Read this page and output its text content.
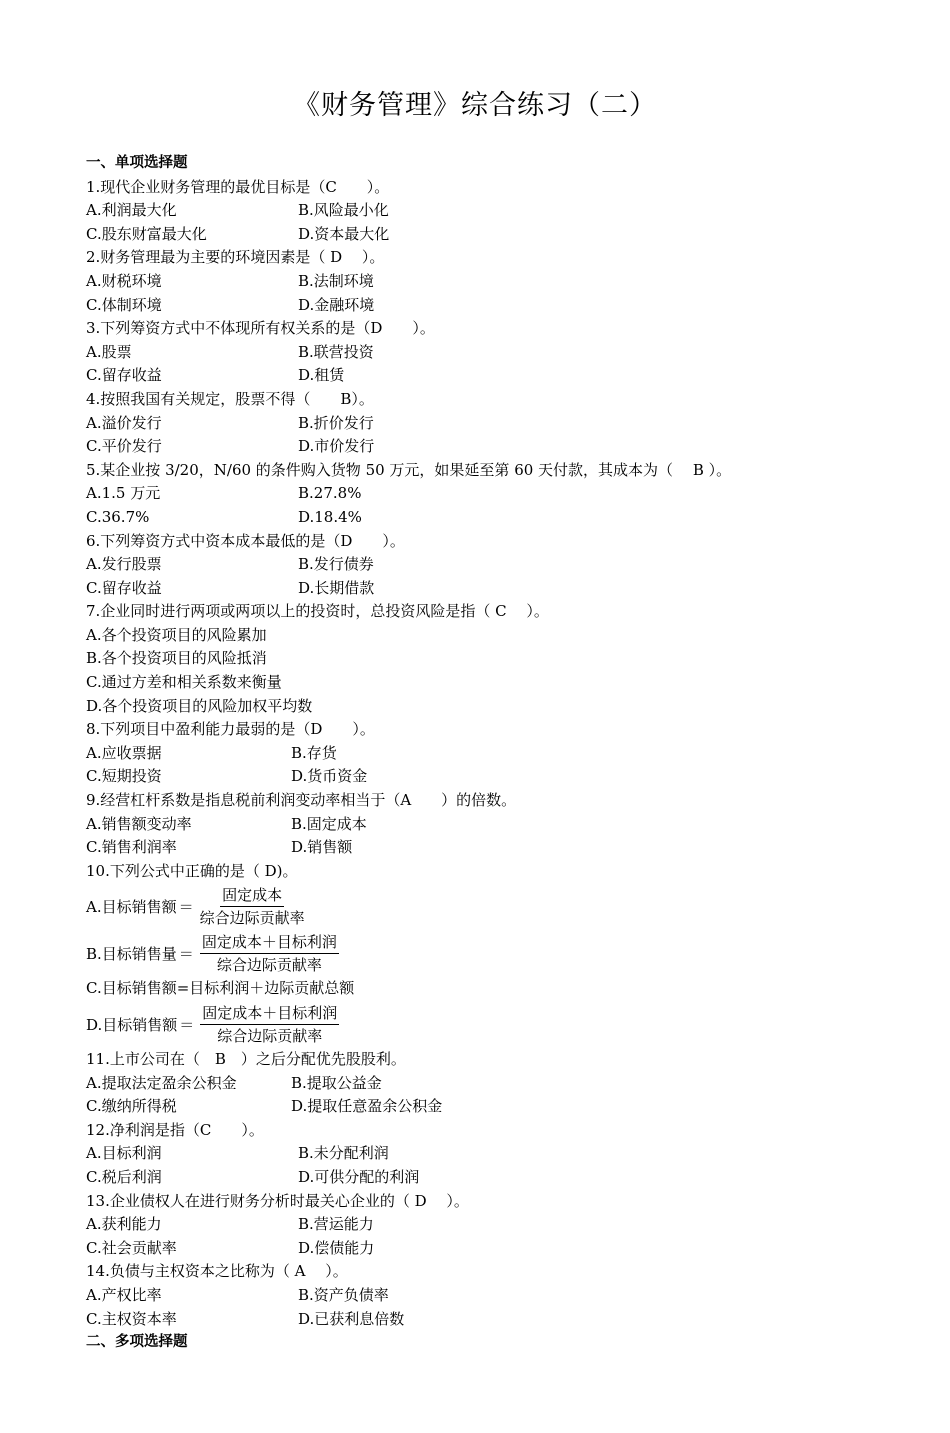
《财务管理》综合练习（二）
一、单项选择题
1.现代企业财务管理的最优目标是（C　　）。
A.利润最大化	B.风险最小化
C.股东财富最大化	D.资本最大化
2.财务管理最为主要的环境因素是（ D　 ）。
A.财税环境	B.法制环境
C.体制环境	D.金融环境
3.下列筹资方式中不体现所有权关系的是（D　　）。
A.股票	B.联营投资
C.留存收益	D.租赁
4.按照我国有关规定，股票不得（　　B）。
A.溢价发行	B.折价发行
C.平价发行	D.市价发行
5.某企业按 3/20，N/60 的条件购入货物 50 万元，如果延至第 60 天付款，其成本为（　 B ）。
A.1.5 万元	B.27.8%
C.36.7%	D.18.4%
6.下列筹资方式中资本成本最低的是（D　　）。
A.发行股票	B.发行债券
C.留存收益	D.长期借款
7.企业同时进行两项或两项以上的投资时，总投资风险是指（ C　 ）。
A.各个投资项目的风险累加
B.各个投资项目的风险抵消
C.通过方差和相关系数来衡量
D.各个投资项目的风险加权平均数
8.下列项目中盈利能力最弱的是（D　　）。
A.应收票据	B.存货
C.短期投资	D.货币资金
9.经营杠杆系数是指息税前利润变动率相当于（A　　）的倍数。
A.销售额变动率	B.固定成本
C.销售利润率	D.销售额
10.下列公式中正确的是（ D)。
A.目标销售额 ＝ $\frac{\text{固定成本}}{\text{综合边际贡献率}}$
B.目标销售量 ＝ $\frac{\text{固定成本＋目标利润}}{\text{综合边际贡献率}}$
C.目标销售额=目标利润＋边际贡献总额
D.目标销售额 ＝ $\frac{\text{固定成本＋目标利润}}{\text{综合边际贡献率}}$
11.上市公司在（　B　）之后分配优先股股利。
A.提取法定盈余公积金	B.提取公益金
C.缴纳所得税	D.提取任意盈余公积金
12.净利润是指（C　　）。
A.目标利润	B.未分配利润
C.税后利润	D.可供分配的利润
13.企业债权人在进行财务分析时最关心企业的（ D　 ）。
A.获利能力	B.营运能力
C.社会贡献率	D.偿债能力
14.负债与主权资本之比称为（ A　 ）。
A.产权比率	B.资产负债率
C.主权资本率	D.已获利息倍数
二、多项选择题
